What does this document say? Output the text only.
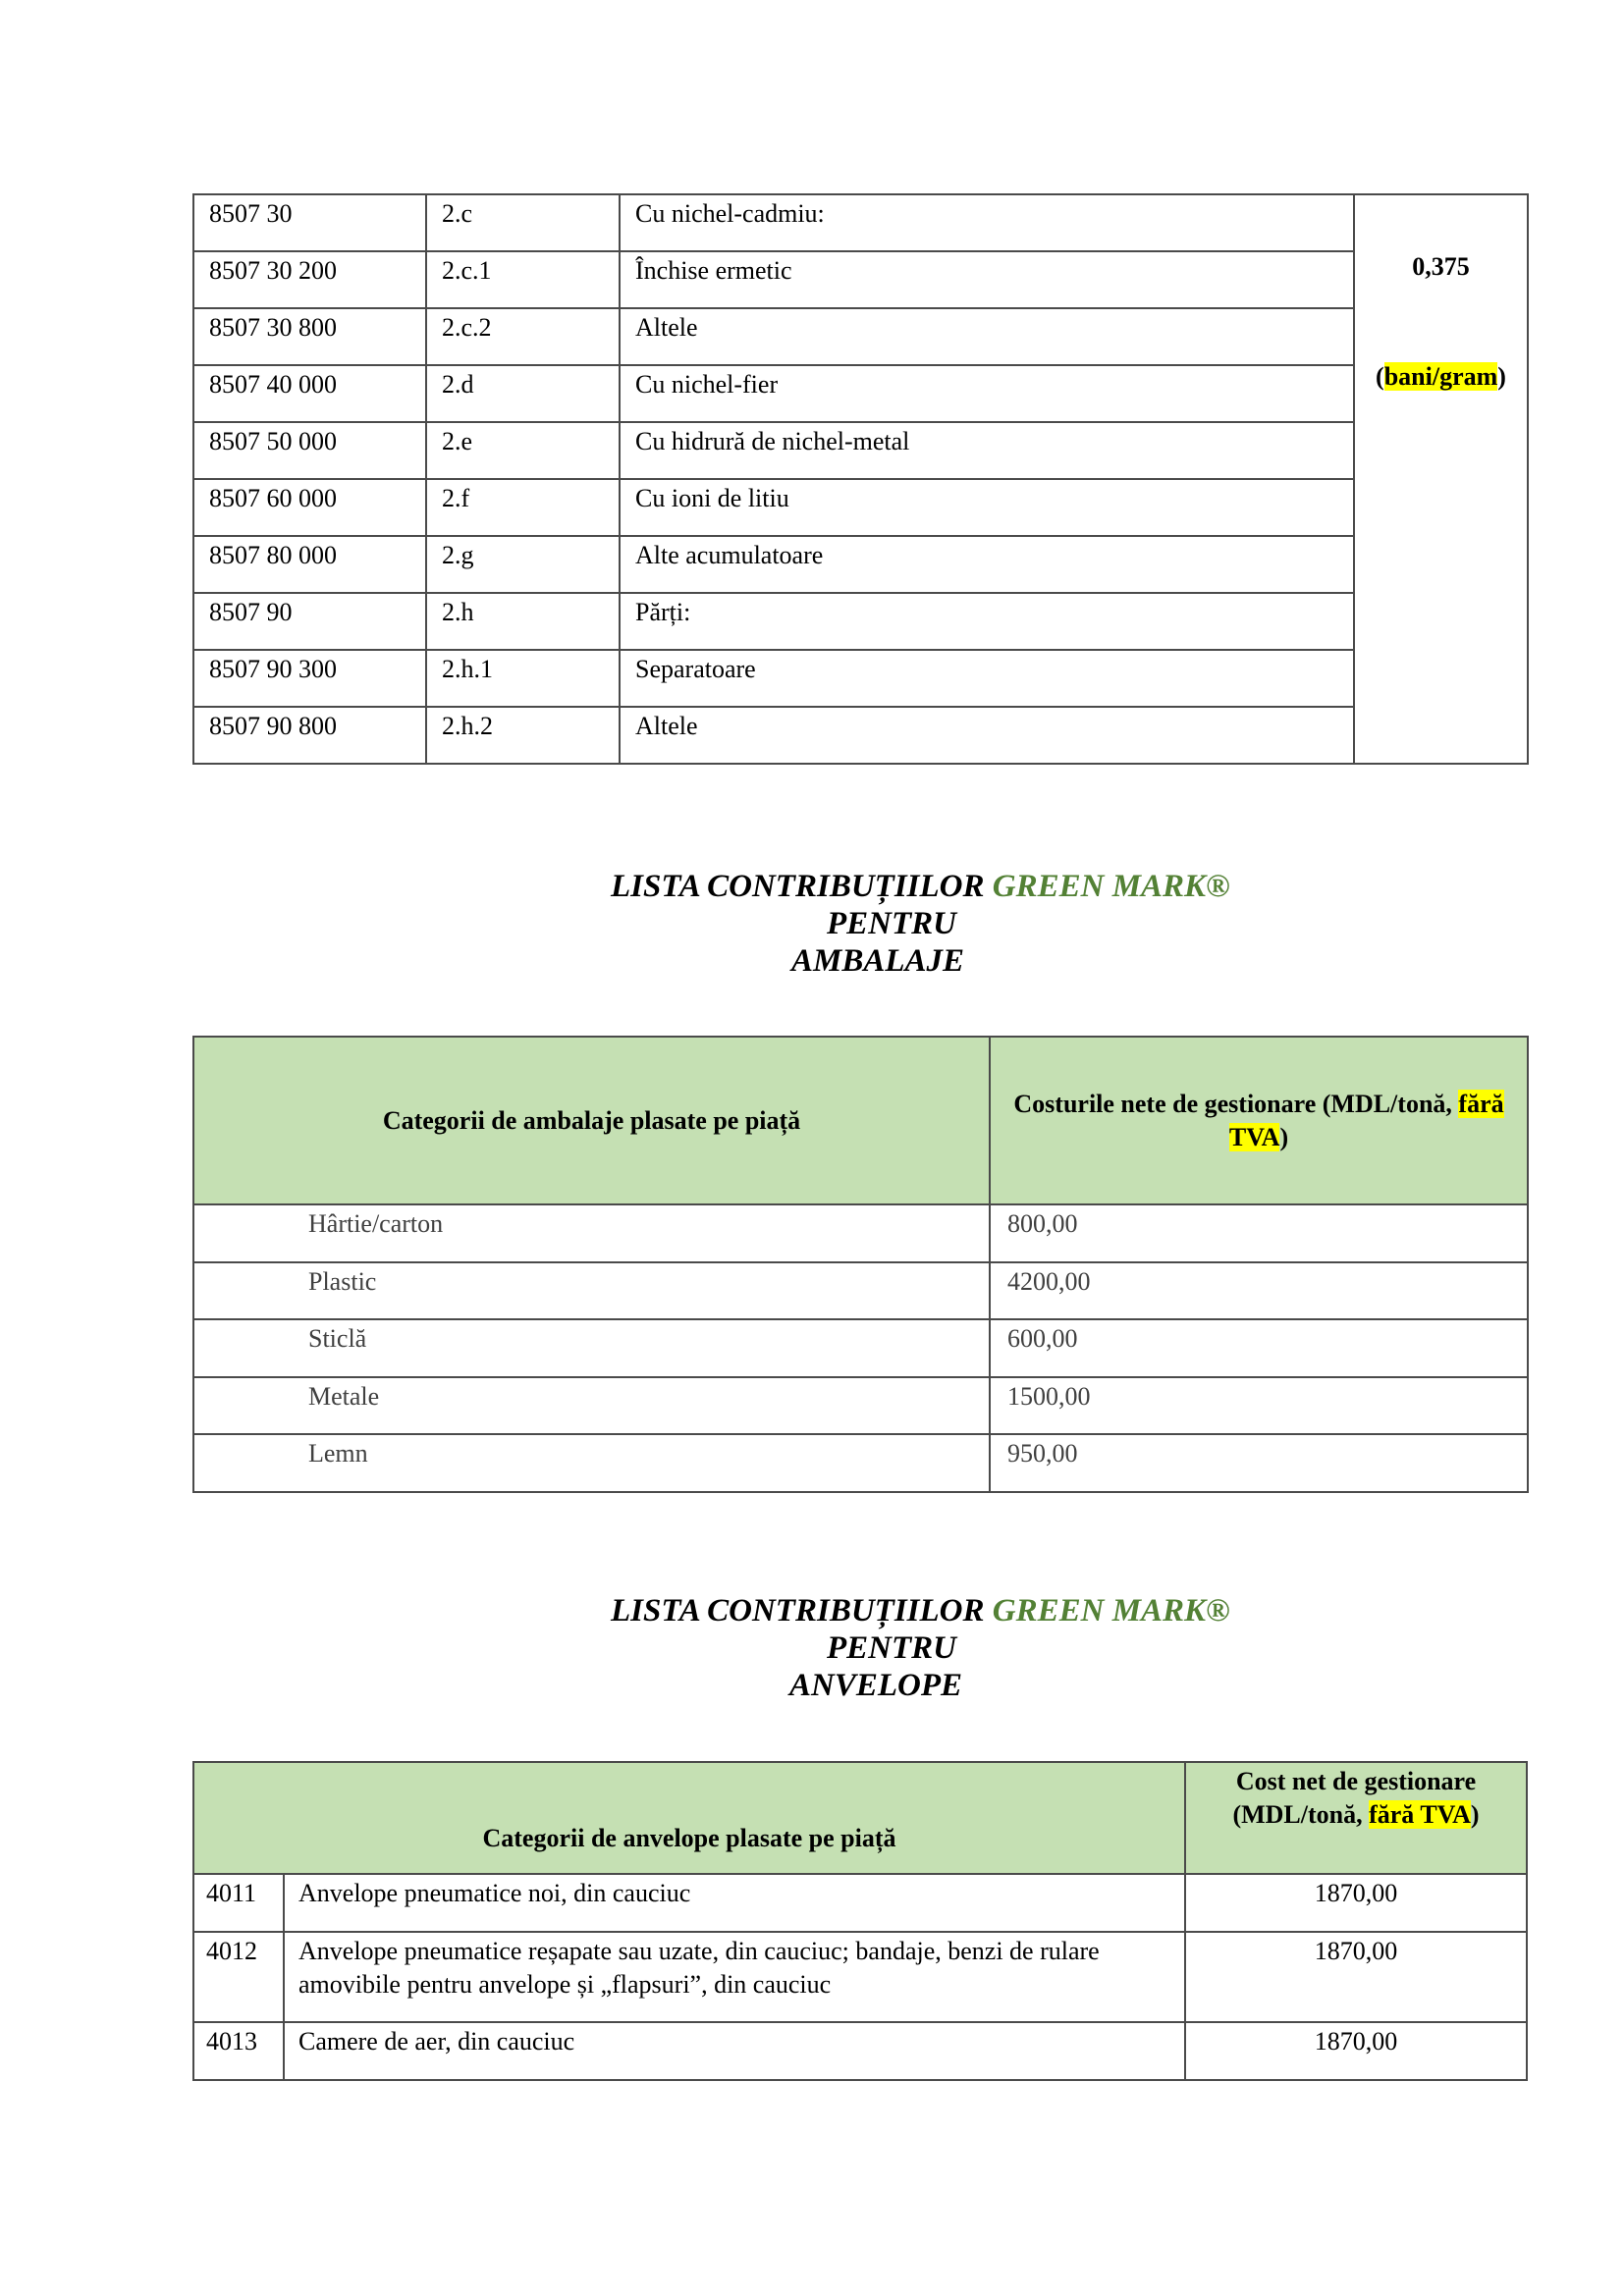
8507 30	2.c	Cu nichel-cadmiu:	0,375
(bani/gram)

8507 30 200	2.c.1	Închise ermetic	
8507 30 800	2.c.2	Altele	
8507 40 000	2.d	Cu nichel-fier	
8507 50 000	2.e	Cu hidrură de nichel-metal	
8507 60 000	2.f	Cu ioni de litiu	
8507 80 000	2.g	Alte acumulatoare	
8507 90	2.h	Părți:	
8507 90 300	2.h.1	Separatoare	
8507 90 800	2.h.2	Altele	
LISTA CONTRIBUȚIILOR GREEN MARK®
PENTRU
AMBALAJE
Categorii de ambalaje plasate pe piață	Costurile nete de gestionare (MDL/tonă, fără TVA)
Hârtie/carton	800,00
Plastic	4200,00
Sticlă	600,00
Metale	1500,00
Lemn	950,00
LISTA CONTRIBUȚIILOR GREEN MARK®
PENTRU
ANVELOPE
Categorii de anvelope plasate pe piață		Cost net de gestionare
(MDL/tonă, fără TVA)
4011	Anvelope pneumatice noi, din cauciuc	1870,00
4012	Anvelope pneumatice reșapate sau uzate, din cauciuc; bandaje, benzi de rulare amovibile pentru anvelope și „flapsuri”, din cauciuc	1870,00
4013	Camere de aer, din cauciuc	1870,00
